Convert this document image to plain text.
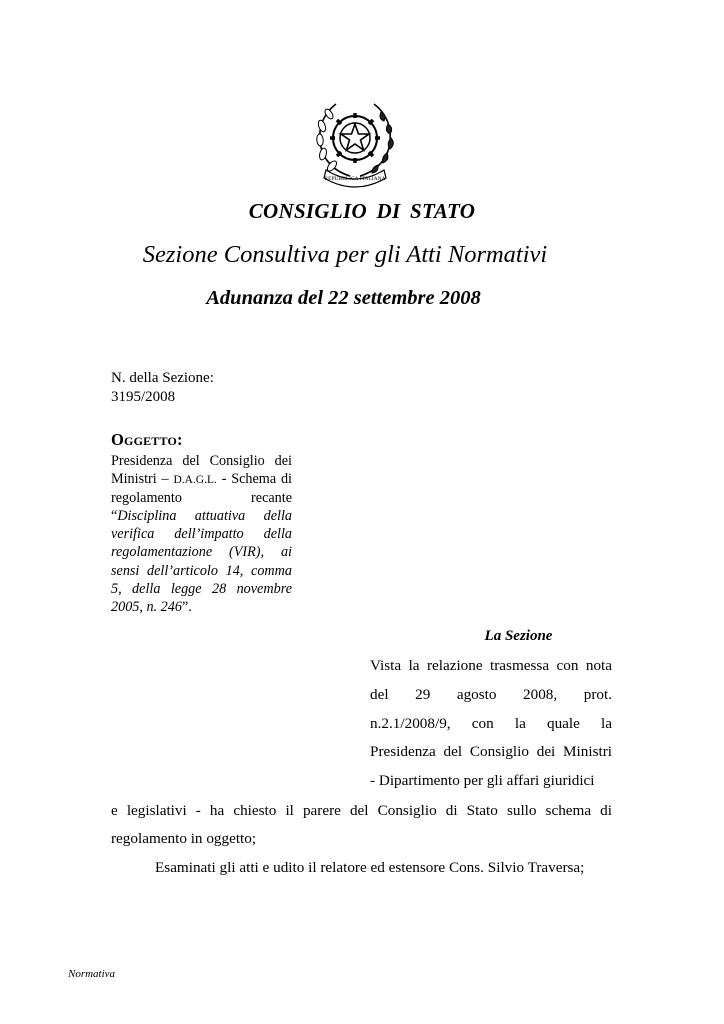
REPUBBLICA ITALIANA
CONSIGLIO DI STATO
Sezione Consultiva per gli Atti Normativi
Adunanza del 22 settembre 2008
N. della Sezione:
3195/2008
Oggetto:
Presidenza del Consiglio dei Ministri – D.A.G.L. - Schema di regolamento recante “Disciplina attuativa della verifica dell’impatto della regolamentazione (VIR), ai sensi dell’articolo 14, comma 5, della legge 28 novembre 2005, n. 246”.
La Sezione
Vista la relazione trasmessa con nota
del 29 agosto 2008, prot.
n.2.1/2008/9, con la quale la
Presidenza del Consiglio dei Ministri
- Dipartimento per gli affari giuridici
e legislativi - ha chiesto il parere del Consiglio di Stato sullo schema di
regolamento in oggetto;
Esaminati gli atti e udito il relatore ed estensore Cons. Silvio Traversa;
Normativa
